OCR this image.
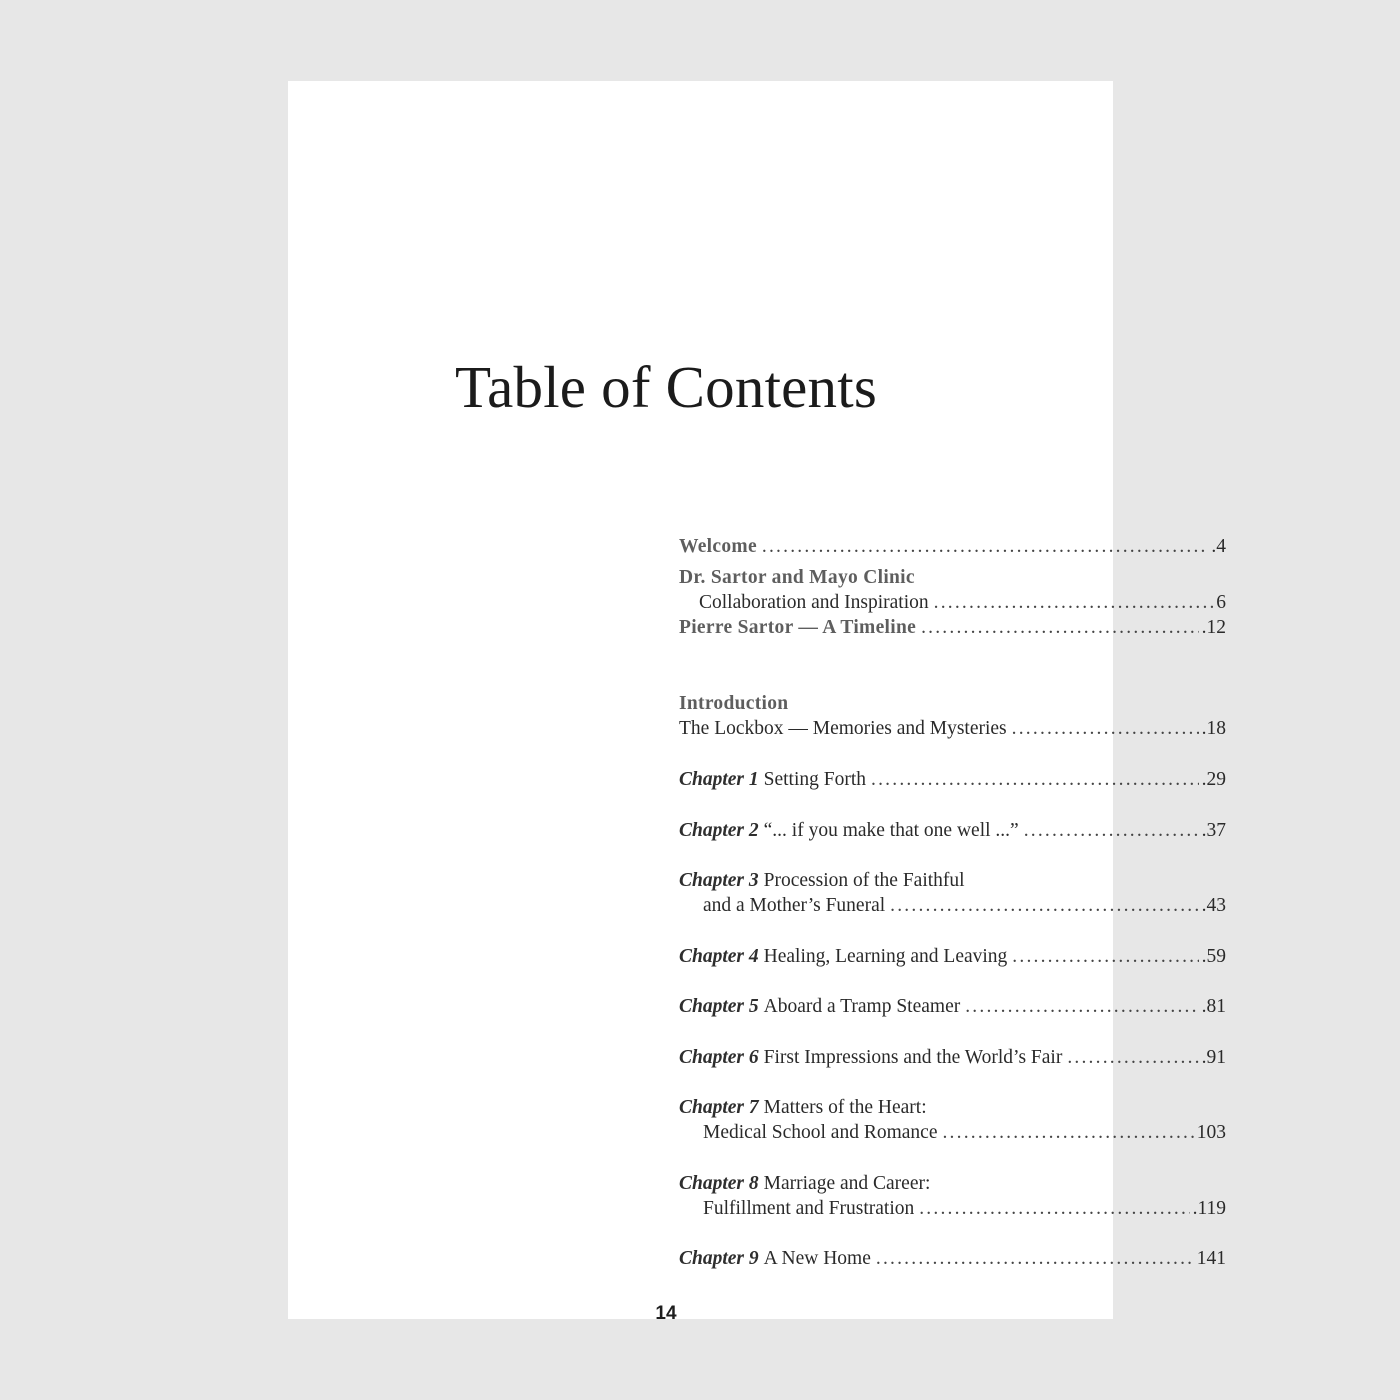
Table of Contents
Welcome .....	.4
Dr. Sartor and Mayo Clinic
Collaboration and Inspiration .....	6
Pierre Sartor — A Timeline .....	.12
Introduction
The Lockbox — Memories and Mysteries .....	.18
Chapter 1 Setting Forth .....	.29
Chapter 2 “... if you make that one well ...” .....	.37
Chapter 3 Procession of the Faithful
and a Mother’s Funeral .....	.43
Chapter 4 Healing, Learning and Leaving .....	.59
Chapter 5 Aboard a Tramp Steamer .....	.81
Chapter 6 First Impressions and the World’s Fair .....	.91
Chapter 7 Matters of the Heart:
Medical School and Romance .....	103
Chapter 8 Marriage and Career:
Fulfillment and Frustration .....	.119
Chapter 9 A New Home .....	141
14
